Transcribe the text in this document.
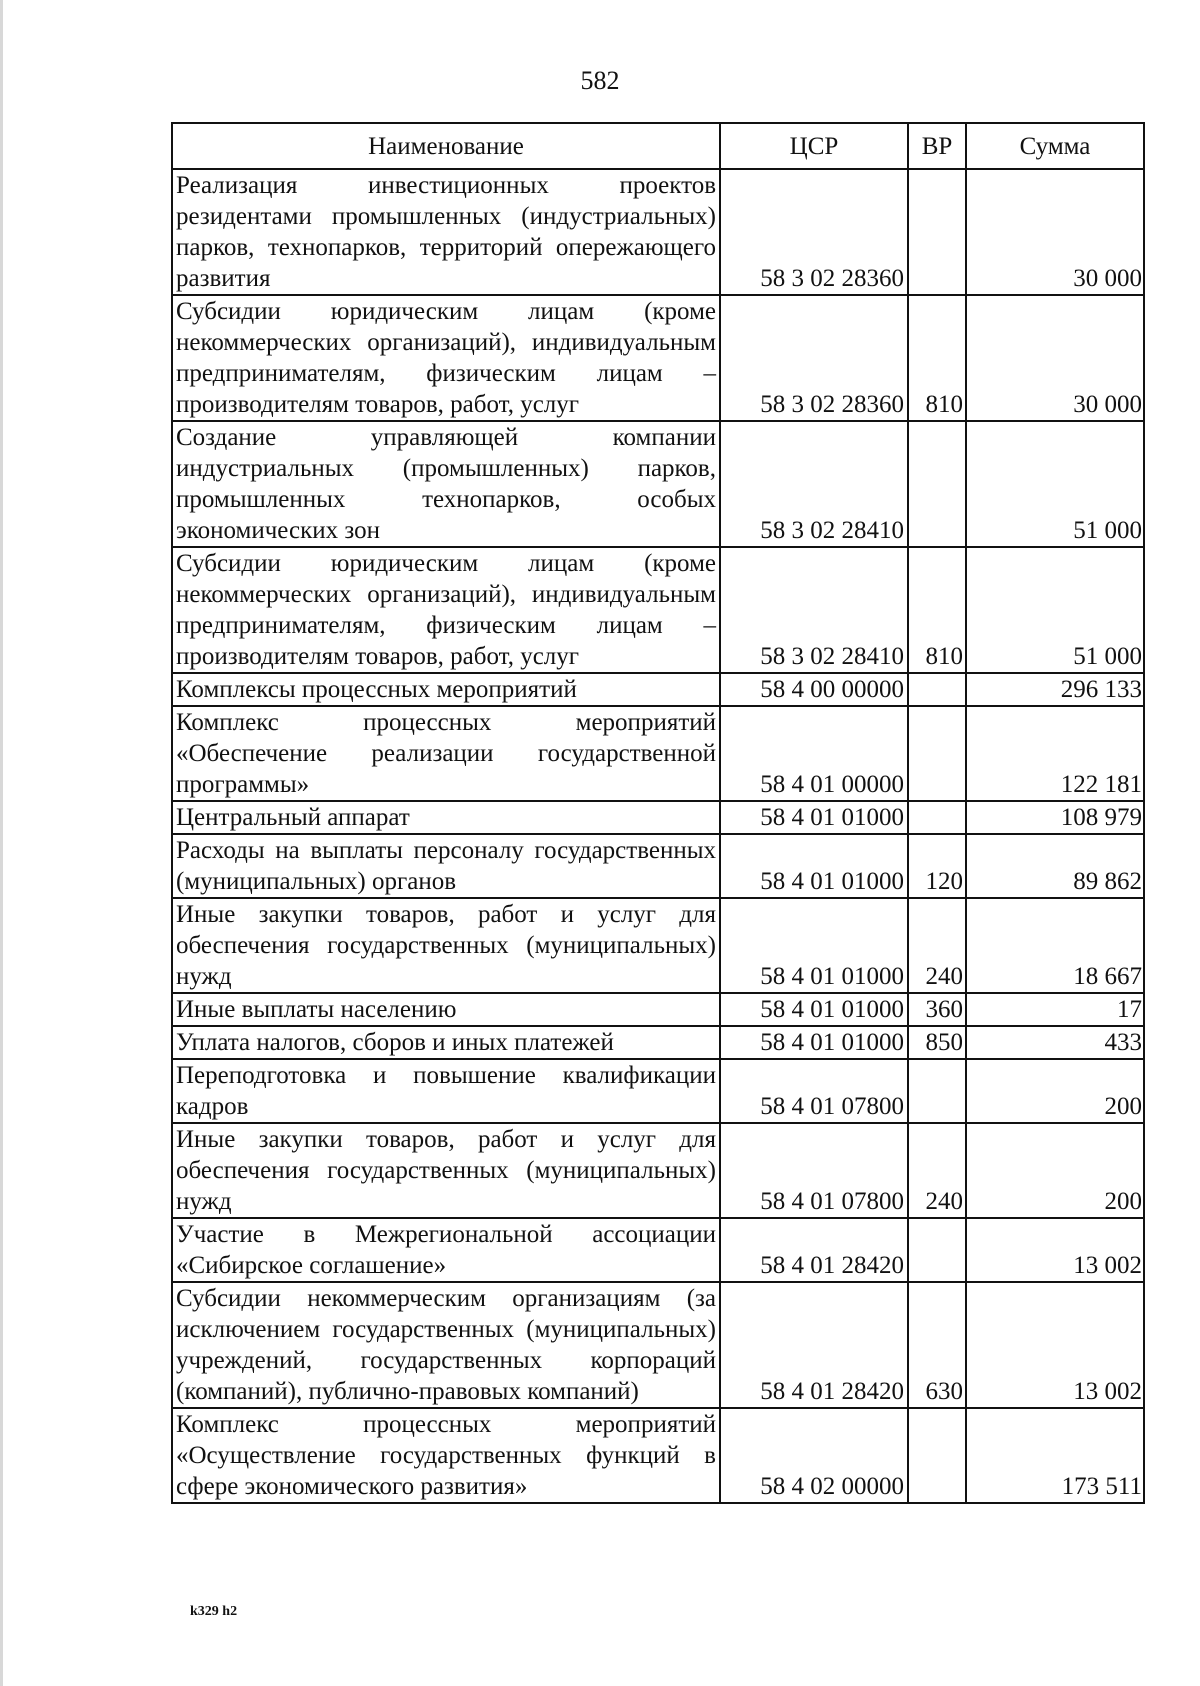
582
Наименование	ЦСР	ВР	Сумма
Реализация инвестиционных проектов резидентами промышленных (индустриальных) парков, технопарков, территорий опережающего развития	58 3 02 28360		30 000
Субсидии юридическим лицам (кроме некоммерческих организаций), индивидуальным предпринимателям, физическим лицам – производителям товаров, работ, услуг	58 3 02 28360	810	30 000
Создание управляющей компании индустриальных (промышленных) парков, промышленных технопарков, особых экономических зон	58 3 02 28410		51 000
Субсидии юридическим лицам (кроме некоммерческих организаций), индивидуальным предпринимателям, физическим лицам – производителям товаров, работ, услуг	58 3 02 28410	810	51 000
Комплексы процессных мероприятий	58 4 00 00000		296 133
Комплекс процессных мероприятий «Обеспечение реализации государственной программы»	58 4 01 00000		122 181
Центральный аппарат	58 4 01 01000		108 979
Расходы на выплаты персоналу государственных (муниципальных) органов	58 4 01 01000	120	89 862
Иные закупки товаров, работ и услуг для обеспечения государственных (муниципальных) нужд	58 4 01 01000	240	18 667
Иные выплаты населению	58 4 01 01000	360	17
Уплата налогов, сборов и иных платежей	58 4 01 01000	850	433
Переподготовка и повышение квалификации кадров	58 4 01 07800		200
Иные закупки товаров, работ и услуг для обеспечения государственных (муниципальных) нужд	58 4 01 07800	240	200
Участие в Межрегиональной ассоциации «Сибирское соглашение»	58 4 01 28420		13 002
Субсидии некоммерческим организациям (за исключением государственных (муниципальных) учреждений, государственных корпораций (компаний), публично-правовых компаний)	58 4 01 28420	630	13 002
Комплекс процессных мероприятий «Осуществление государственных функций в сфере экономического развития»	58 4 02 00000		173 511
k329 h2
